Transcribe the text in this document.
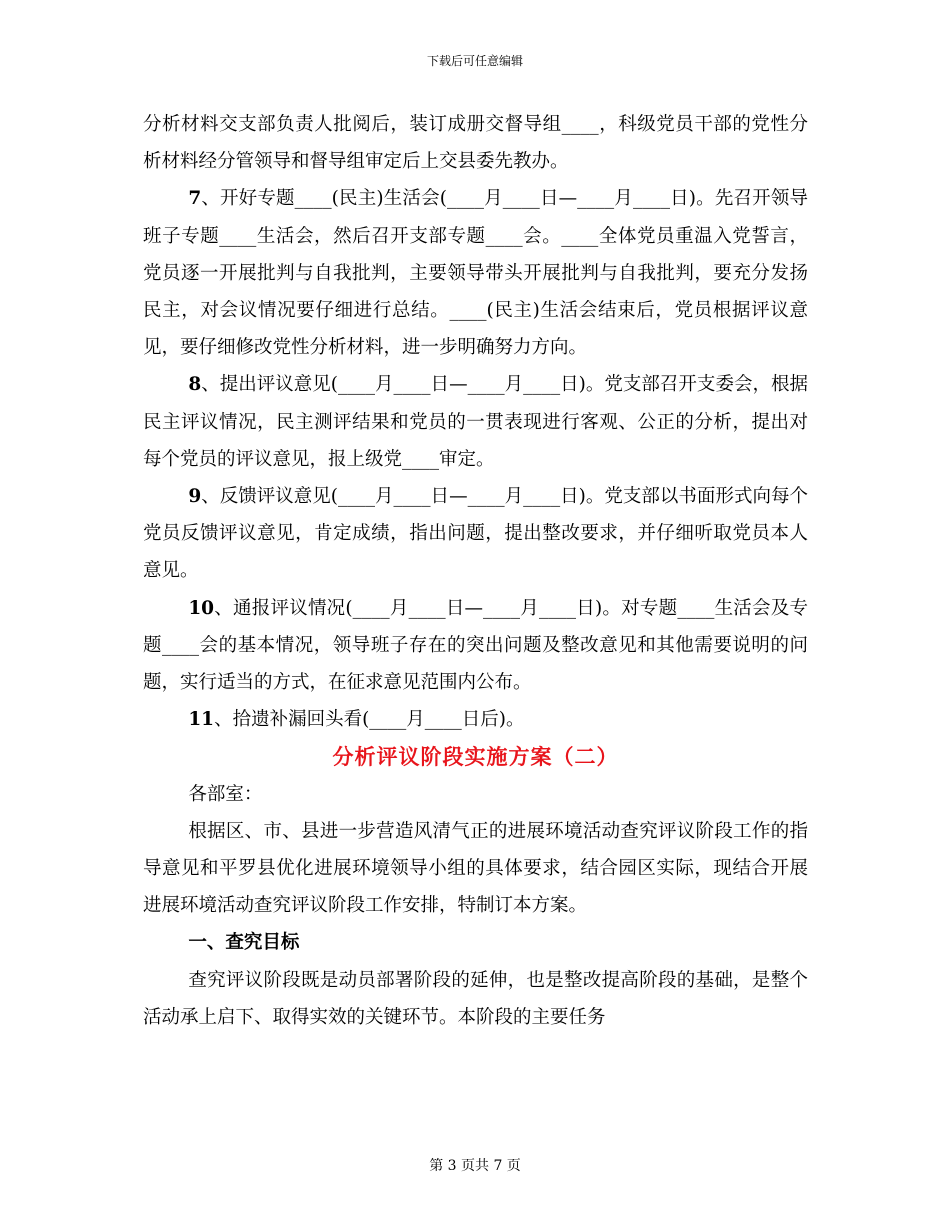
下载后可任意编辑

分析材料交支部负责人批阅后，装订成册交督导组____，科级党员干部的党性分析材料经分管领导和督导组审定后上交县委先教办。

7、开好专题____(民主)生活会(____月____日—____月____日)。先召开领导班子专题____生活会，然后召开支部专题____会。____全体党员重温入党誓言，党员逐一开展批判与自我批判，主要领导带头开展批判与自我批判，要充分发扬民主，对会议情况要仔细进行总结。____(民主)生活会结束后，党员根据评议意见，要仔细修改党性分析材料，进一步明确努力方向。

8、提出评议意见(____月____日—____月____日)。党支部召开支委会，根据民主评议情况，民主测评结果和党员的一贯表现进行客观、公正的分析，提出对每个党员的评议意见，报上级党____审定。

9、反馈评议意见(____月____日—____月____日)。党支部以书面形式向每个党员反馈评议意见，肯定成绩，指出问题，提出整改要求，并仔细听取党员本人意见。

10、通报评议情况(____月____日—____月____日)。对专题____生活会及专题____会的基本情况，领导班子存在的突出问题及整改意见和其他需要说明的问题，实行适当的方式，在征求意见范围内公布。

11、拾遗补漏回头看(____月____日后)。

分析评议阶段实施方案（二）

各部室：

根据区、市、县进一步营造风清气正的进展环境活动查究评议阶段工作的指导意见和平罗县优化进展环境领导小组的具体要求，结合园区实际，现结合开展进展环境活动查究评议阶段工作安排，特制订本方案。

一、查究目标

查究评议阶段既是动员部署阶段的延伸，也是整改提高阶段的基础，是整个活动承上启下、取得实效的关键环节。本阶段的主要任务

第 3 页共 7 页
